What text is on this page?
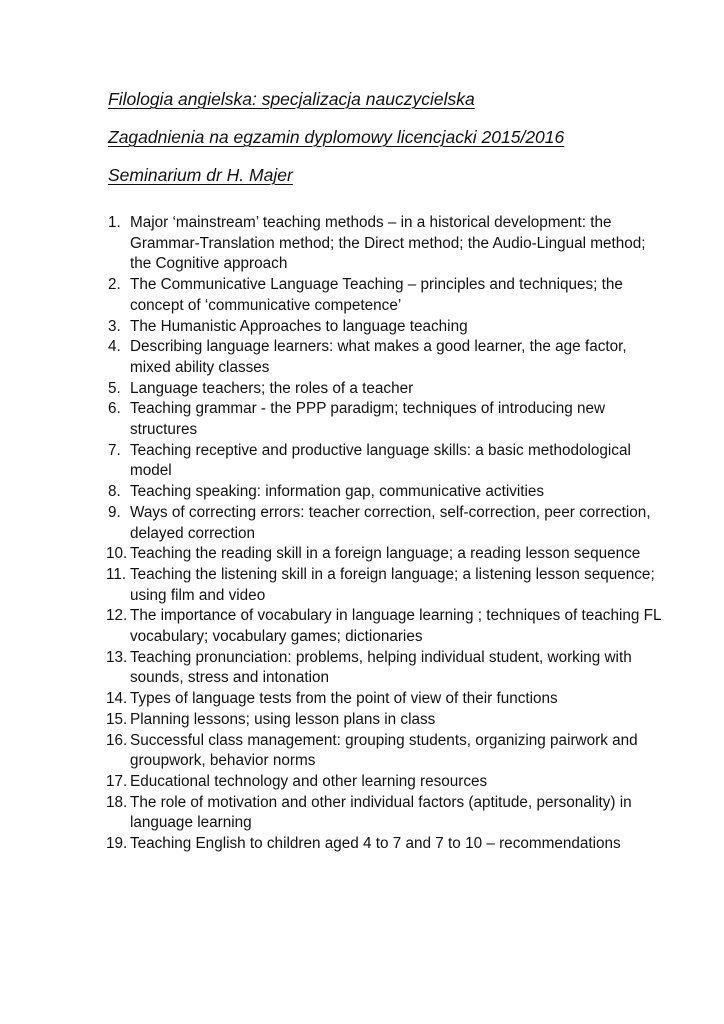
Filologia angielska: specjalizacja nauczycielska
Zagadnienia na egzamin dyplomowy licencjacki 2015/2016
Seminarium dr H. Majer
1. Major ‘mainstream’ teaching methods – in a historical development: the Grammar-Translation method; the Direct method; the Audio-Lingual method; the Cognitive approach
2. The Communicative Language Teaching – principles and techniques; the concept of ‘communicative competence’
3. The Humanistic Approaches to language teaching
4. Describing language learners: what makes a good learner, the age factor, mixed ability classes
5. Language teachers; the roles of a teacher
6. Teaching grammar - the PPP paradigm; techniques of introducing new structures
7. Teaching receptive and productive language skills: a basic methodological model
8. Teaching speaking: information gap, communicative activities
9. Ways of correcting errors: teacher correction, self-correction, peer correction, delayed correction
10. Teaching the reading skill in a foreign language; a reading lesson sequence
11. Teaching the listening skill in a foreign language; a listening lesson sequence; using film and video
12. The importance of vocabulary in language learning ; techniques of teaching FL vocabulary; vocabulary games; dictionaries
13. Teaching pronunciation: problems, helping individual student, working with sounds, stress and intonation
14. Types of language tests from the point of view of their functions
15. Planning lessons; using lesson plans in class
16. Successful class management: grouping students, organizing pairwork and groupwork, behavior norms
17. Educational technology and other learning resources
18. The role of motivation and other individual factors (aptitude, personality) in language learning
19. Teaching English to children aged 4 to 7 and 7 to 10 – recommendations
